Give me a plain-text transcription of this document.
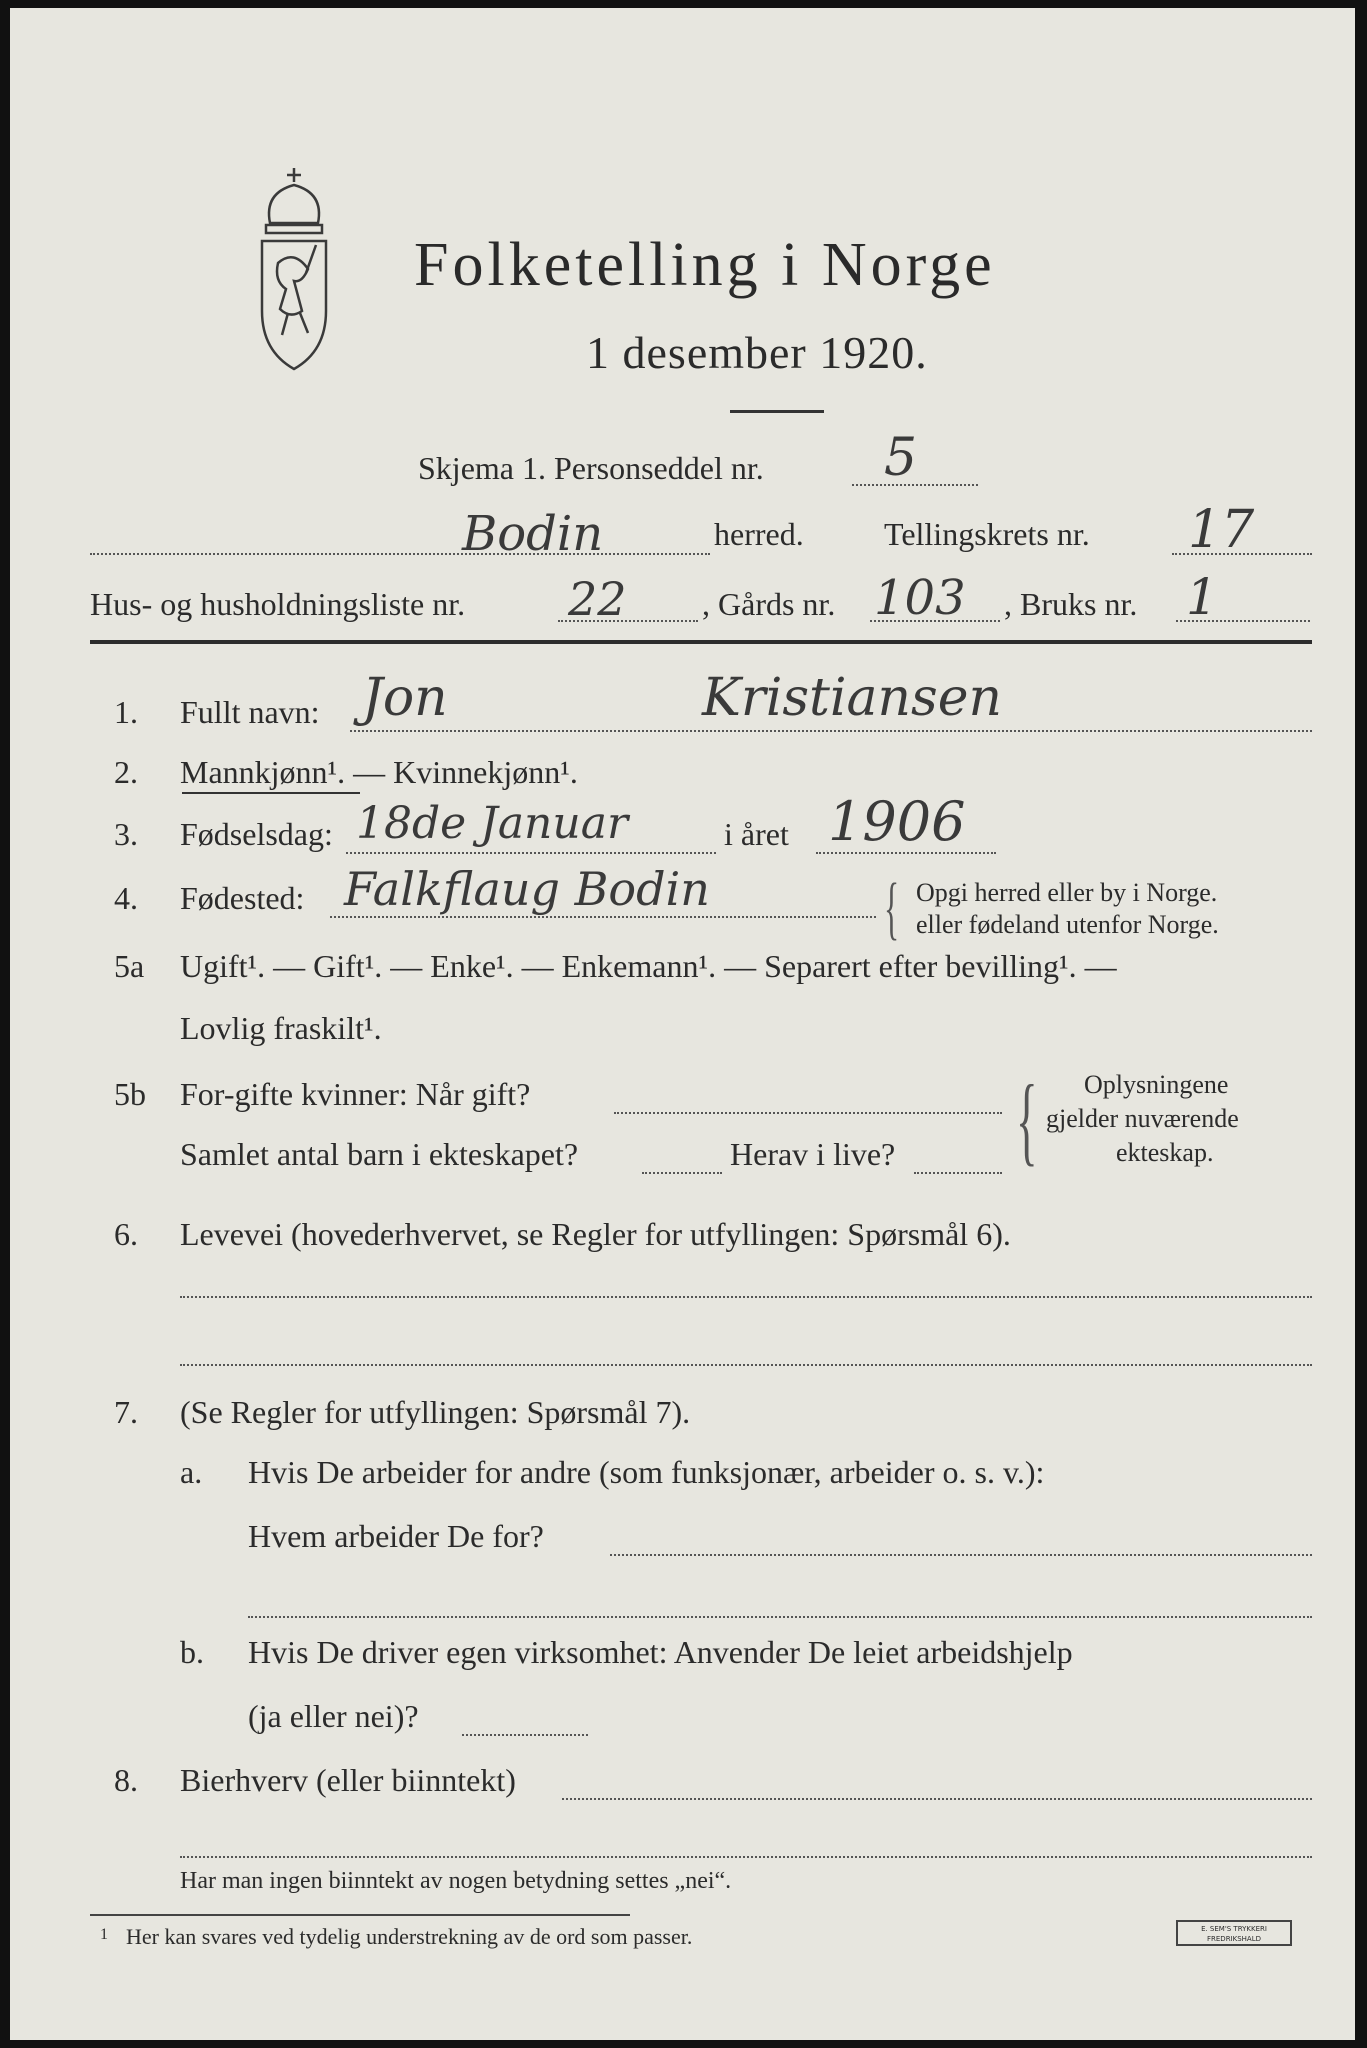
Folketelling i Norge
1 desember 1920.
Skjema 1. Personseddel nr. 5
Bodin	herred.	Tellingskrets nr. 17
Hus- og husholdningsliste nr. 22 , Gårds nr. 103 , Bruks nr. 1
1. Fullt navn: Jon	Kristiansen
2. Mannkjønn¹. — Kvinnekjønn¹.
3. Fødselsdag: 18de Januar	i året 1906
4. Fødested: Falkflaug Bodin { Opgi herred eller by i Norge.
eller fødeland utenfor Norge.
5a Ugift¹. — Gift¹. — Enke¹. — Enkemann¹. — Separert efter bevilling¹. —
Lovlig fraskilt¹.
5b For-gifte kvinner: Når gift?
Samlet antal barn i ekteskapet?	Herav i live? { Oplysningene
gjelder nuværende
ekteskap.
6. Levevei (hovederhvervet, se Regler for utfyllingen: Spørsmål 6).
7. (Se Regler for utfyllingen: Spørsmål 7).
a. Hvis De arbeider for andre (som funksjonær, arbeider o. s. v.):
Hvem arbeider De for?
b. Hvis De driver egen virksomhet: Anvender De leiet arbeidshjelp
(ja eller nei)?
8. Bierhverv (eller biinntekt)
Har man ingen biinntekt av nogen betydning settes „nei“.
1 Her kan svares ved tydelig understrekning av de ord som passer.	E. SEM'S TRYKKERI FREDRIKSHALD
